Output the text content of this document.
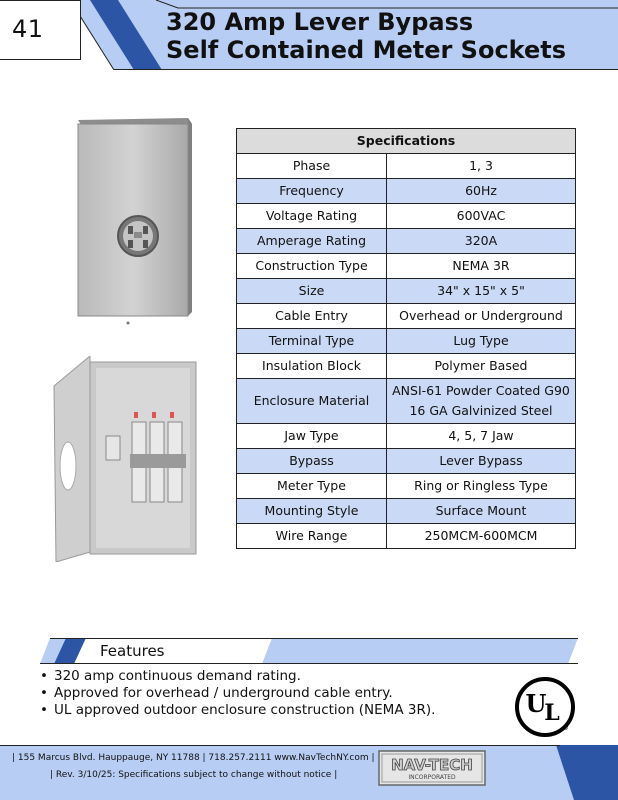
41	320 Amp Lever Bypass
Self Contained Meter Sockets
Specifications	
Phase	1, 3
Frequency	60Hz
Voltage Rating	600VAC
Amperage Rating	320A
Construction Type	NEMA 3R
Size	34" x 15" x 5"
Cable Entry	Overhead or Underground
Terminal Type	Lug Type
Insulation Block	Polymer Based
Enclosure Material	ANSI-61 Powder Coated G90
16 GA Galvinized Steel

Jaw Type	4, 5, 7 Jaw
Bypass	Lever Bypass
Meter Type	Ring or Ringless Type
Mounting Style	Surface Mount
Wire Range	250MCM-600MCM
Features
• 320 amp continuous demand rating.
• Approved for overhead / underground cable entry.
• UL approved outdoor enclosure construction (NEMA 3R).	U
L
®
| 155 Marcus Blvd. Hauppauge, NY 11788 | 718.257.2111 www.NavTechNY.com |
| Rev. 3/10/25: Specifications subject to change without notice |
NAV-TECH
INCORPORATED
